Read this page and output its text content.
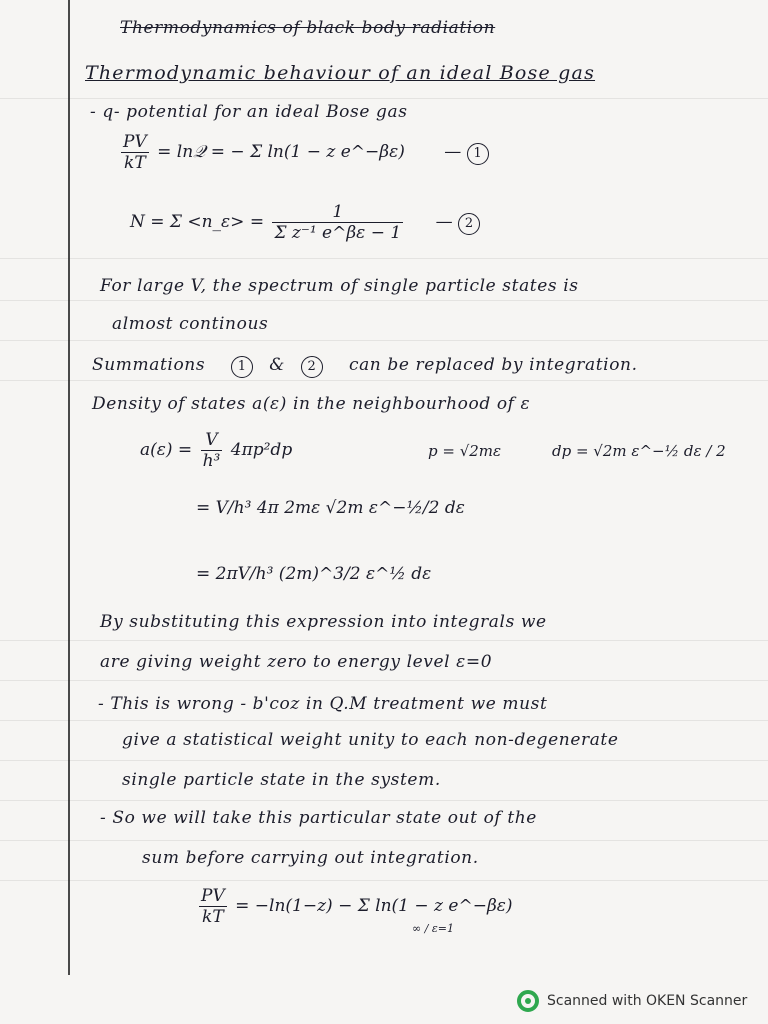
Thermodynamics of black body radiation
Thermodynamic behaviour of an ideal Bose gas
- q- potential for an ideal Bose gas
$\frac{PV}{kT}$ = ln𝒬 = − Σ ln(1 − z e^−βε) — 1
N = Σ <n_ε> = $\frac{1}{\text{Σ z⁻¹ e\textasciicircum{}βε − 1}}$ — 2
For large V, the spectrum of single particle states is
almost continous
Summations	1 & 2 can be replaced by integration.
Density of states a(ε) in the neighbourhood of ε
$a(\varepsilon) = \frac{V}{\text{h³}} 4\pi p^2dp$	p = √2mε	dp = √2m ε^−½ dε / 2
= V/h³ 4π 2mε √2m ε^−½/2 dε
= 2πV/h³ (2m)^3/2 ε^½ dε
By substituting this expression into integrals we
are giving weight zero to energy level ε=0
- This is wrong - b'coz in Q.M treatment we must
give a statistical weight unity to each non-degenerate
single particle state in the system.
- So we will take this particular state out of the
sum before carrying out integration.
$\frac{PV}{kT} = -\ln(1-z) - \Sigma$ ln(1 − z e^−βε)
∞ / ε=1
Scanned with OKEN Scanner
